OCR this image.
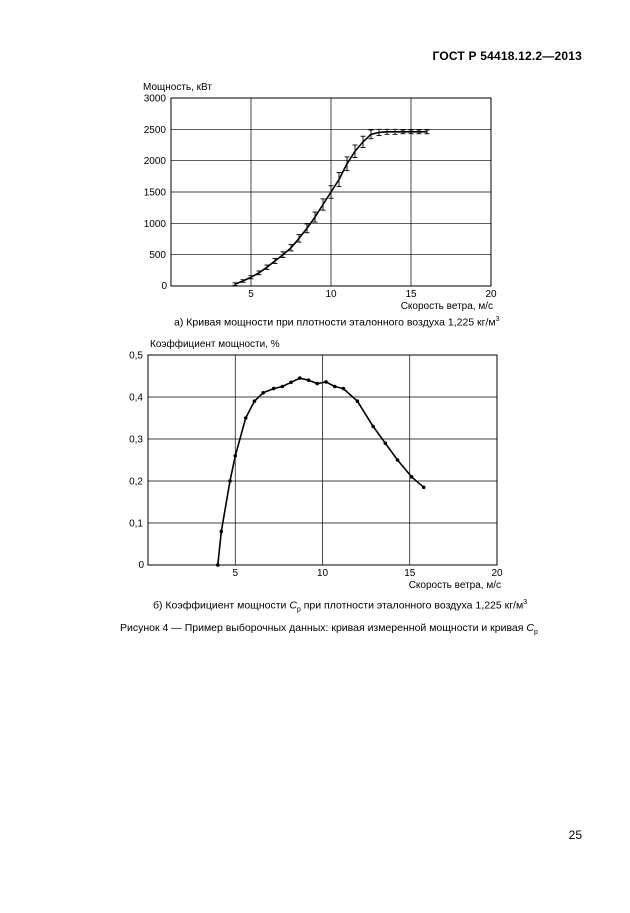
ГОСТ Р 54418.12.2—2013
5	10	15	20
500
1000
1500
2000
2500
3000
0
Мощность, кВт
Скорость ветра, м/с
а) Кривая мощности при плотности эталонного воздуха 1,225 $кг/м^3$
5	10	15	20
0,1
0,2
0,3
0,4
0,5
0
Коэффициент мощности, %
Скорость ветра, м/с
б) Коэффициент мощности $C_p$ при плотности эталонного воздуха 1,225 $кг/м^3$
Рисунок 4 — Пример выборочных данных: кривая измеренной мощности и кривая $C_p$
25
